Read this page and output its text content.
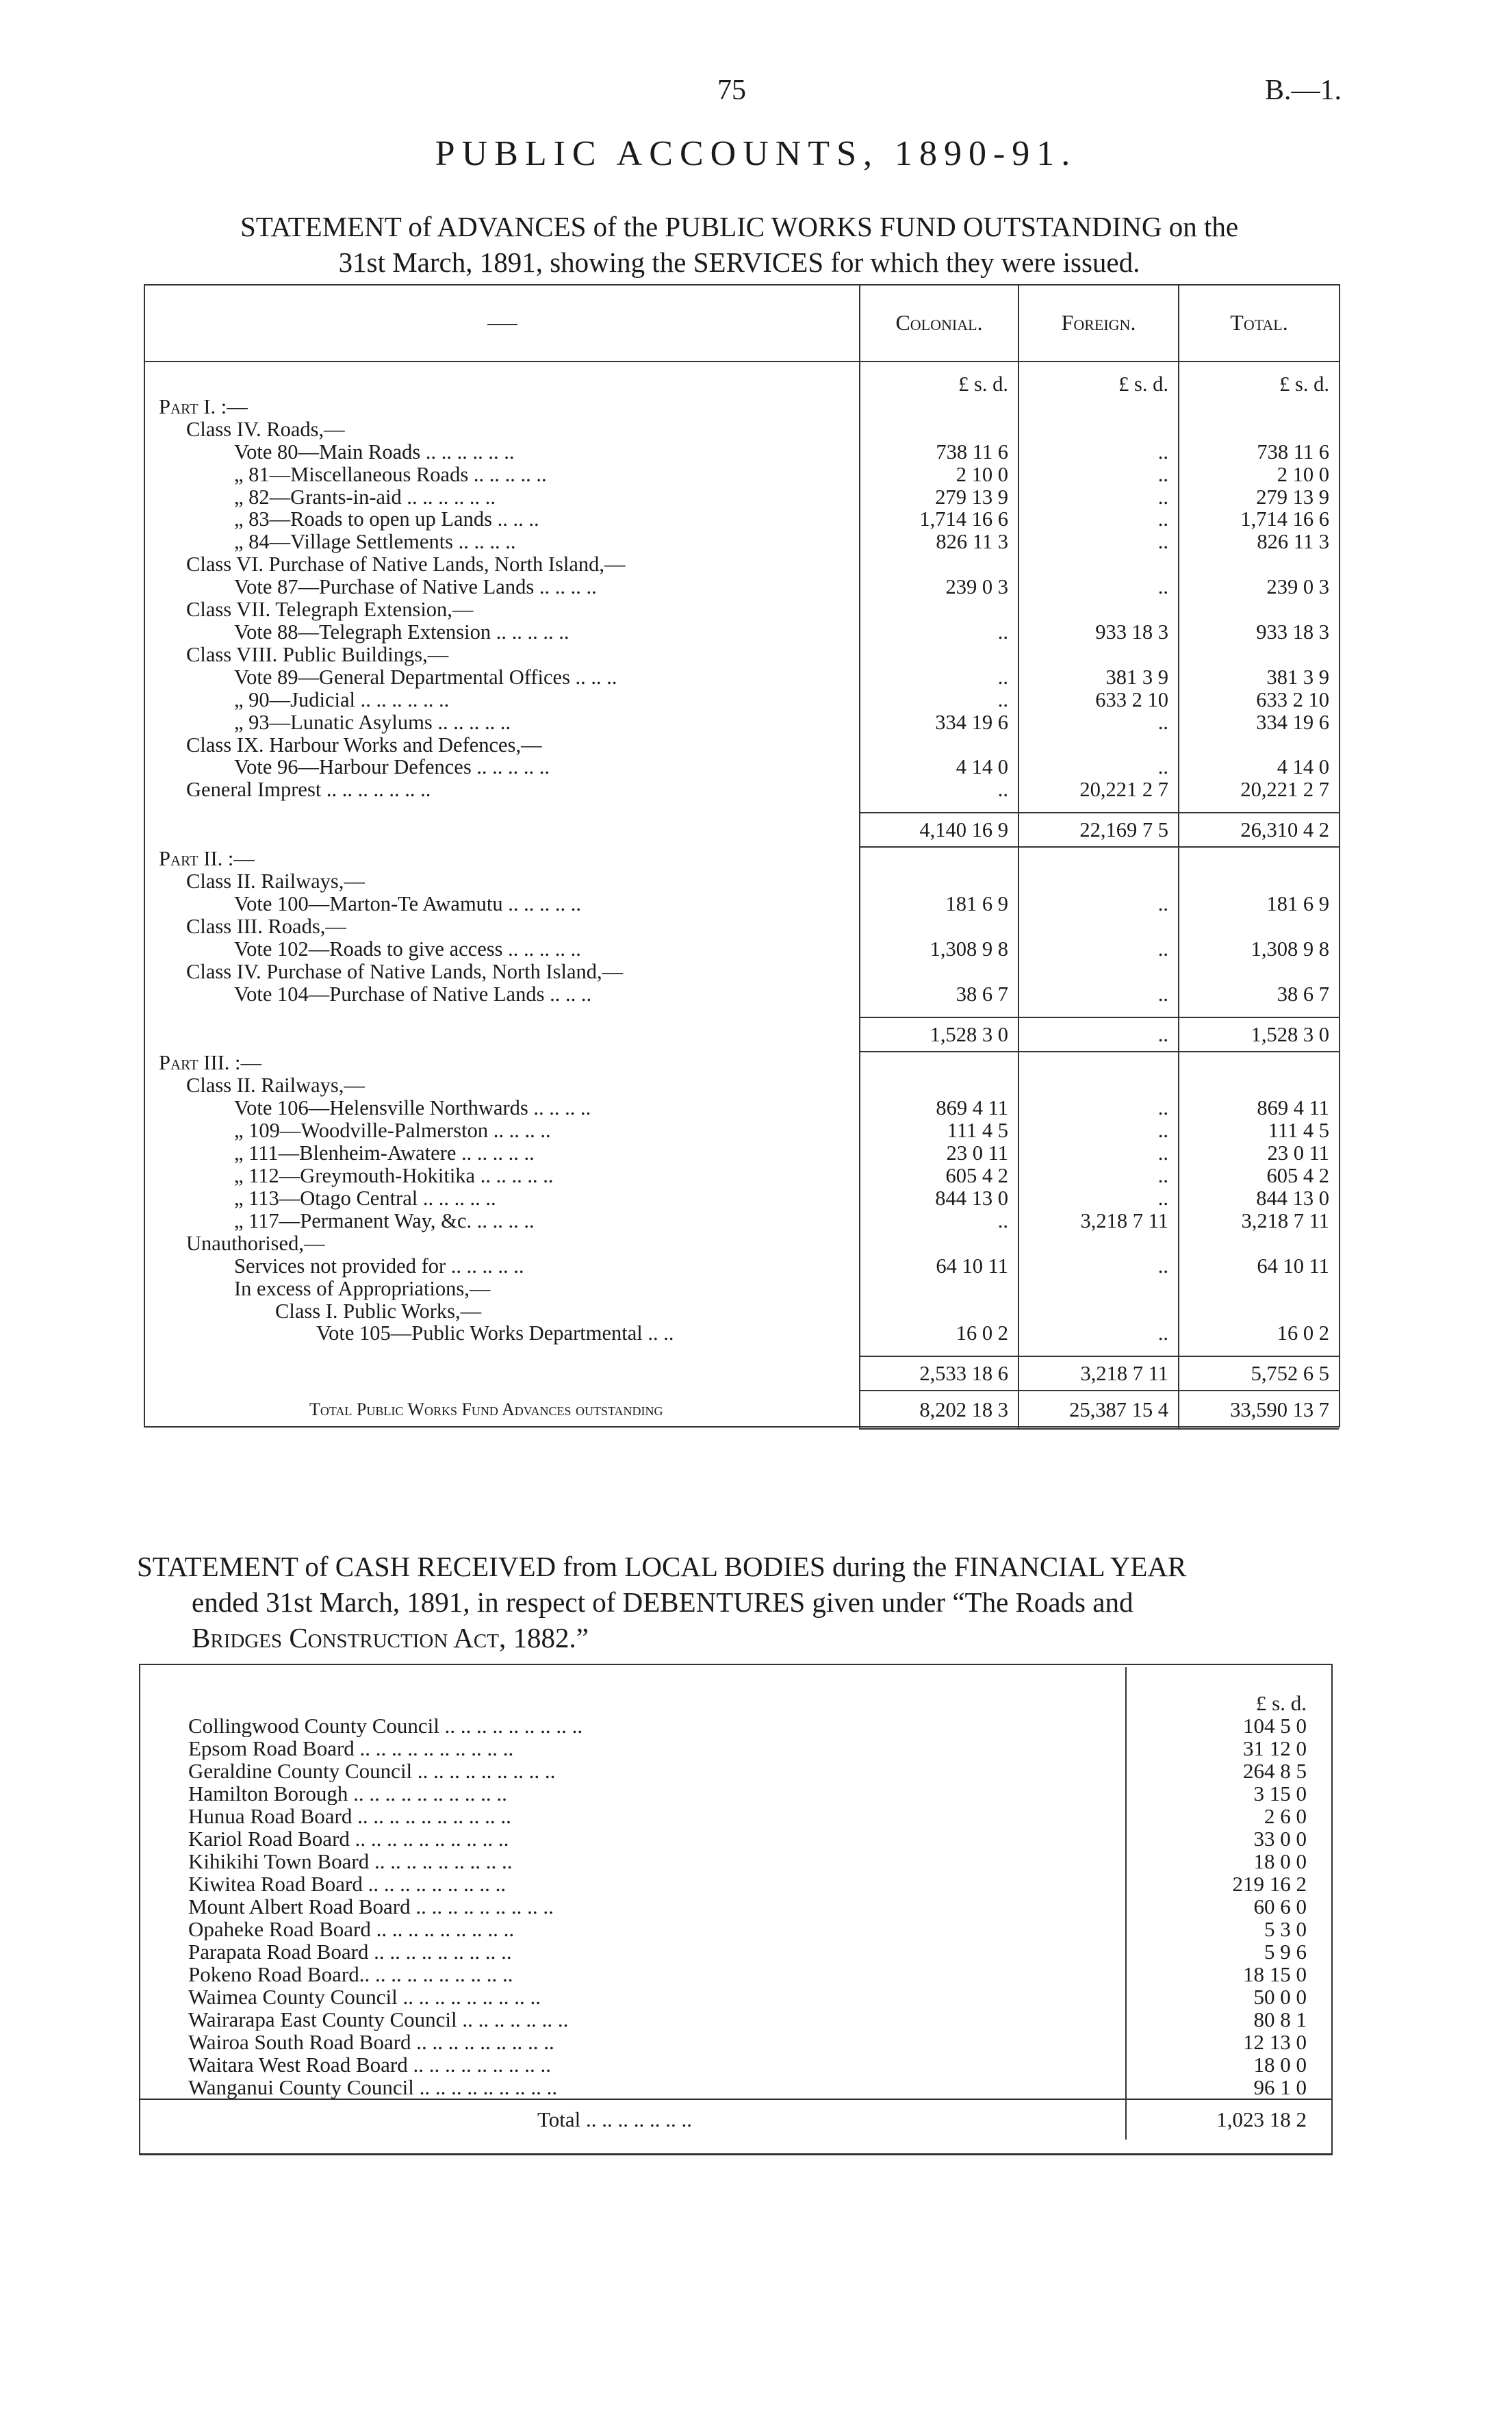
75	B.—1.
PUBLIC ACCOUNTS, 1890-91.
STATEMENT of ADVANCES of the PUBLIC WORKS FUND OUTSTANDING on the
31st March, 1891, showing the SERVICES for which they were issued.
	Colonial.	Foreign.	Total.

	£ s. d.	£ s. d.	£ s. d.
Part I. :—			
Class IV. Roads,—			
Vote 80—Main Roads .. .. .. .. .. ..	738 11 6	..	738 11 6
„ 81—Miscellaneous Roads .. .. .. .. ..	2 10 0	..	2 10 0
„ 82—Grants-in-aid .. .. .. .. .. ..	279 13 9	..	279 13 9
„ 83—Roads to open up Lands .. .. ..	1,714 16 6	..	1,714 16 6
„ 84—Village Settlements .. .. .. ..	826 11 3	..	826 11 3
Class VI. Purchase of Native Lands, North Island,—			
Vote 87—Purchase of Native Lands .. .. .. ..	239 0 3	..	239 0 3
Class VII. Telegraph Extension,—			
Vote 88—Telegraph Extension .. .. .. .. ..	..	933 18 3	933 18 3
Class VIII. Public Buildings,—			
Vote 89—General Departmental Offices .. .. ..	..	381 3 9	381 3 9
„ 90—Judicial .. .. .. .. .. ..	..	633 2 10	633 2 10
„ 93—Lunatic Asylums .. .. .. .. ..	334 19 6	..	334 19 6
Class IX. Harbour Works and Defences,—			
Vote 96—Harbour Defences .. .. .. .. ..	4 14 0	..	4 14 0
General Imprest .. .. .. .. .. .. ..	..	20,221 2 7	20,221 2 7

	4,140 16 9	22,169 7 5	26,310 4 2
Part II. :—			
Class II. Railways,—			
Vote 100—Marton-Te Awamutu .. .. .. .. ..	181 6 9	..	181 6 9
Class III. Roads,—			
Vote 102—Roads to give access .. .. .. .. ..	1,308 9 8	..	1,308 9 8
Class IV. Purchase of Native Lands, North Island,—			
Vote 104—Purchase of Native Lands .. .. ..	38 6 7	..	38 6 7

	1,528 3 0	..	1,528 3 0
Part III. :—			
Class II. Railways,—			
Vote 106—Helensville Northwards .. .. .. ..	869 4 11	..	869 4 11
„ 109—Woodville-Palmerston .. .. .. ..	111 4 5	..	111 4 5
„ 111—Blenheim-Awatere .. .. .. .. ..	23 0 11	..	23 0 11
„ 112—Greymouth-Hokitika .. .. .. .. ..	605 4 2	..	605 4 2
„ 113—Otago Central .. .. .. .. ..	844 13 0	..	844 13 0
„ 117—Permanent Way, &c. .. .. .. ..	..	3,218 7 11	3,218 7 11
Unauthorised,—			
Services not provided for .. .. .. .. ..	64 10 11	..	64 10 11
In excess of Appropriations,—			
Class I. Public Works,—			
Vote 105—Public Works Departmental .. ..	16 0 2	..	16 0 2

	2,533 18 6	3,218 7 11	5,752 6 5
Total Public Works Fund Advances outstanding	8,202 18 3	25,387 15 4	33,590 13 7
STATEMENT of CASH RECEIVED from LOCAL BODIES during the FINANCIAL YEAR
ended 31st March, 1891, in respect of DEBENTURES given under “The Roads and
Bridges Construction Act, 1882.”

	£ s. d.
Collingwood County Council .. .. .. .. .. .. .. .. ..	104 5 0
Epsom Road Board .. .. .. .. .. .. .. .. .. ..	31 12 0
Geraldine County Council .. .. .. .. .. .. .. .. ..	264 8 5
Hamilton Borough .. .. .. .. .. .. .. .. .. ..	3 15 0
Hunua Road Board .. .. .. .. .. .. .. .. .. ..	2 6 0
Kariol Road Board .. .. .. .. .. .. .. .. .. ..	33 0 0
Kihikihi Town Board .. .. .. .. .. .. .. .. ..	18 0 0
Kiwitea Road Board .. .. .. .. .. .. .. .. ..	219 16 2
Mount Albert Road Board .. .. .. .. .. .. .. .. ..	60 6 0
Opaheke Road Board .. .. .. .. .. .. .. .. ..	5 3 0
Parapata Road Board .. .. .. .. .. .. .. .. ..	5 9 6
Pokeno Road Board.. .. .. .. .. .. .. .. .. ..	18 15 0
Waimea County Council .. .. .. .. .. .. .. .. ..	50 0 0
Wairarapa East County Council .. .. .. .. .. .. ..	80 8 1
Wairoa South Road Board .. .. .. .. .. .. .. .. ..	12 13 0
Waitara West Road Board .. .. .. .. .. .. .. .. ..	18 0 0
Wanganui County Council .. .. .. .. .. .. .. .. ..	96 1 0
Total .. .. .. .. .. .. ..	1,023 18 2
